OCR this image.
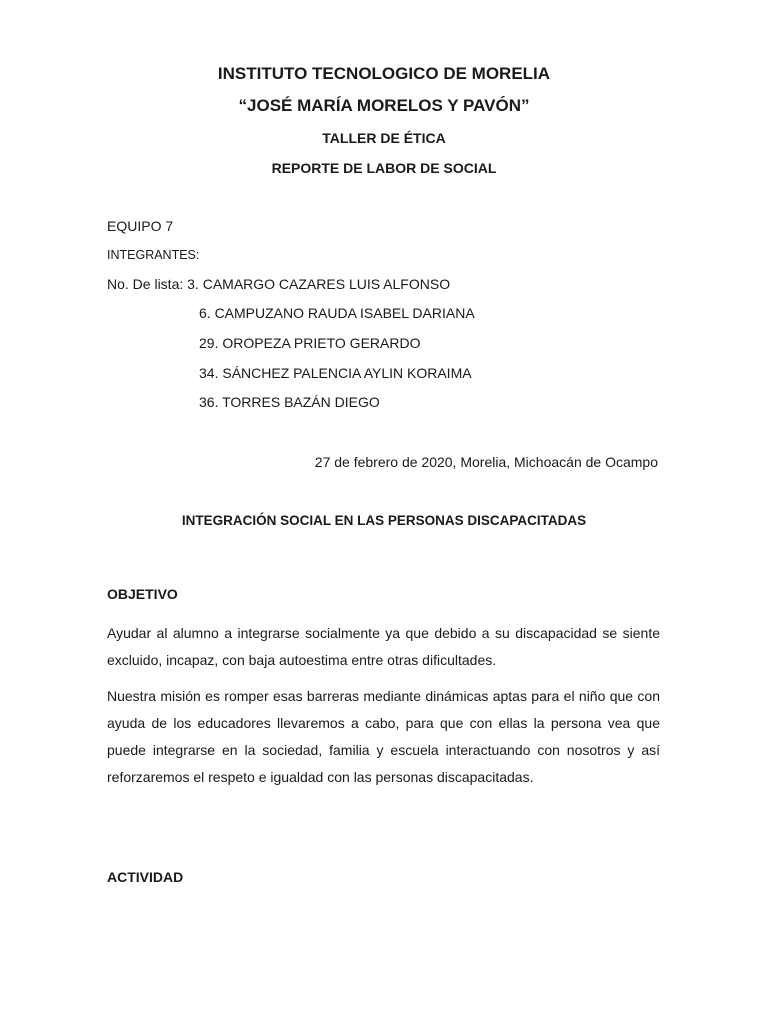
INSTITUTO TECNOLOGICO DE MORELIA
“JOSÉ MARÍA MORELOS Y PAVÓN”
TALLER DE ÉTICA
REPORTE DE LABOR DE SOCIAL
EQUIPO 7
INTEGRANTES:
No. De lista: 3. CAMARGO CAZARES LUIS ALFONSO
6. CAMPUZANO RAUDA ISABEL DARIANA
29. OROPEZA PRIETO GERARDO
34. SÁNCHEZ PALENCIA AYLIN KORAIMA
36. TORRES BAZÁN DIEGO
27 de febrero de 2020, Morelia, Michoacán de Ocampo
INTEGRACIÓN SOCIAL EN LAS PERSONAS DISCAPACITADAS
OBJETIVO
Ayudar al alumno a integrarse socialmente ya que debido a su discapacidad se siente excluido, incapaz, con baja autoestima entre otras dificultades.
Nuestra misión es romper esas barreras mediante dinámicas aptas para el niño que con ayuda de los educadores llevaremos a cabo, para que con ellas la persona vea que puede integrarse en la sociedad, familia y escuela interactuando con nosotros y así reforzaremos el respeto e igualdad con las personas discapacitadas.
ACTIVIDAD
